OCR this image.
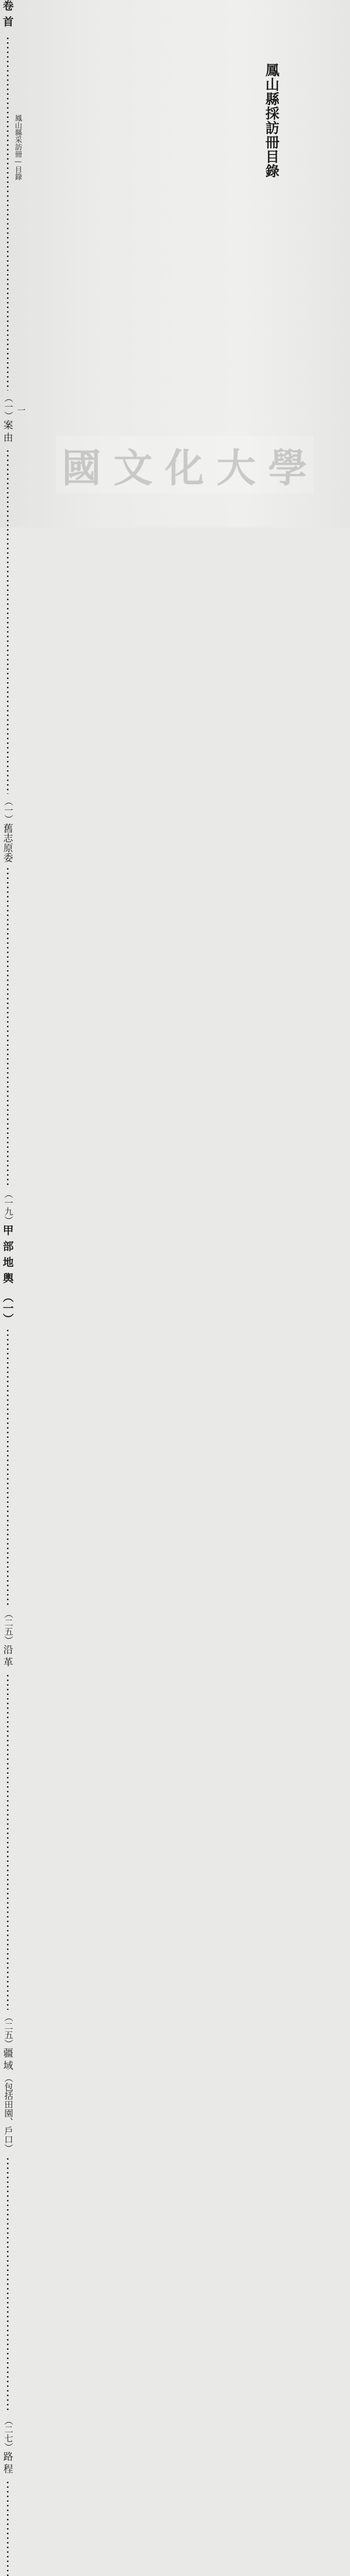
鳳山縣採訪冊目錄
卷首
（一）
案由
（一）
舊志原委
（一九）
甲部地輿
（一）
（二五）
沿革
（二五）
疆域
（包括田園、戶口）
（二七）
路程
鳳山縣采訪冊—目錄
一
國 文 化 大 學
